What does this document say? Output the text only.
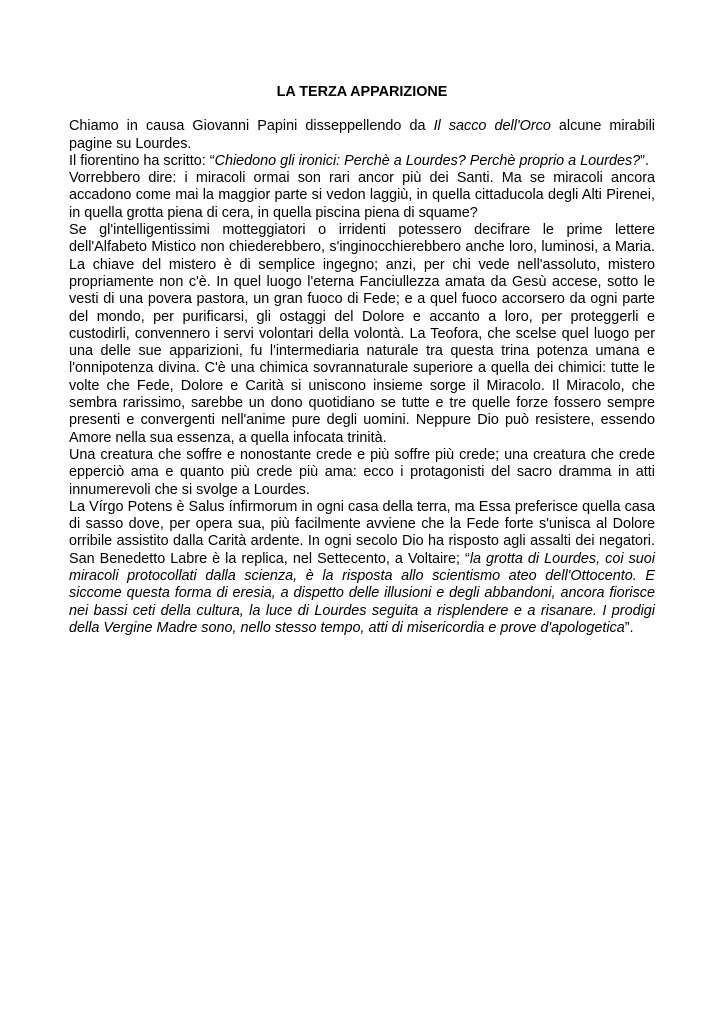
LA TERZA APPARIZIONE

Chiamo in causa Giovanni Papini disseppellendo da Il sacco dell'Orco alcune mirabili pagine su Lourdes.

Il fiorentino ha scritto: “Chiedono gli ironici: Perchè a Lourdes? Perchè proprio a Lourdes?”.

Vorrebbero dire: i miracoli ormai son rari ancor più dei Santi. Ma se miracoli ancora accadono come mai la maggior parte si vedon laggiù, in quella cittaducola degli Alti Pirenei, in quella grotta piena di cera, in quella piscina piena di squame?

Se gl'intelligentissimi motteggiatori o irridenti potessero decifrare le prime lettere dell'Alfabeto Mistico non chiederebbero, s'inginocchierebbero anche loro, luminosi, a Maria. La chiave del mistero è di semplice ingegno; anzi, per chi vede nell'assoluto, mistero propriamente non c'è. In quel luogo l'eterna Fanciullezza amata da Gesù accese, sotto le vesti di una povera pastora, un gran fuoco di Fede; e a quel fuoco accorsero da ogni parte del mondo, per purificarsi, gli ostaggi del Dolore e accanto a loro, per proteggerli e custodirli, convennero i servi volontari della volontà. La Teofora, che scelse quel luogo per una delle sue apparizioni, fu l'intermediaria naturale tra questa trina potenza umana e l'onnipotenza divina. C'è una chimica sovrannaturale superiore a quella dei chimici: tutte le volte che Fede, Dolore e Carità si uniscono insieme sorge il Miracolo. Il Miracolo, che sembra rarissimo, sarebbe un dono quotidiano se tutte e tre quelle forze fossero sempre presenti e convergenti nell'anime pure degli uomini. Neppure Dio può resistere, essendo Amore nella sua essenza, a quella infocata trinità.

Una creatura che soffre e nonostante crede e più soffre più crede; una creatura che crede epperciò ama e quanto più crede più ama: ecco i protagonisti del sacro dramma in atti innumerevoli che si svolge a Lourdes.

La Vírgo Potens è Salus ínfirmorum in ogni casa della terra, ma Essa preferisce quella casa di sasso dove, per opera sua, più facilmente avviene che la Fede forte s'unisca al Dolore orribile assistito dalla Carità ardente. In ogni secolo Dio ha risposto agli assalti dei negatori. San Benedetto Labre è la replica, nel Settecento, a Voltaire; “la grotta di Lourdes, coi suoi miracoli protocollati dalla scienza, è la risposta allo scientismo ateo dell'Ottocento. E siccome questa forma di eresia, a dispetto delle illusioni e degli abbandoni, ancora fiorisce nei bassi ceti della cultura, la luce di Lourdes seguita a risplendere e a risanare. I prodigi della Vergine Madre sono, nello stesso tempo, atti di misericordia e prove d'apologetica”.
